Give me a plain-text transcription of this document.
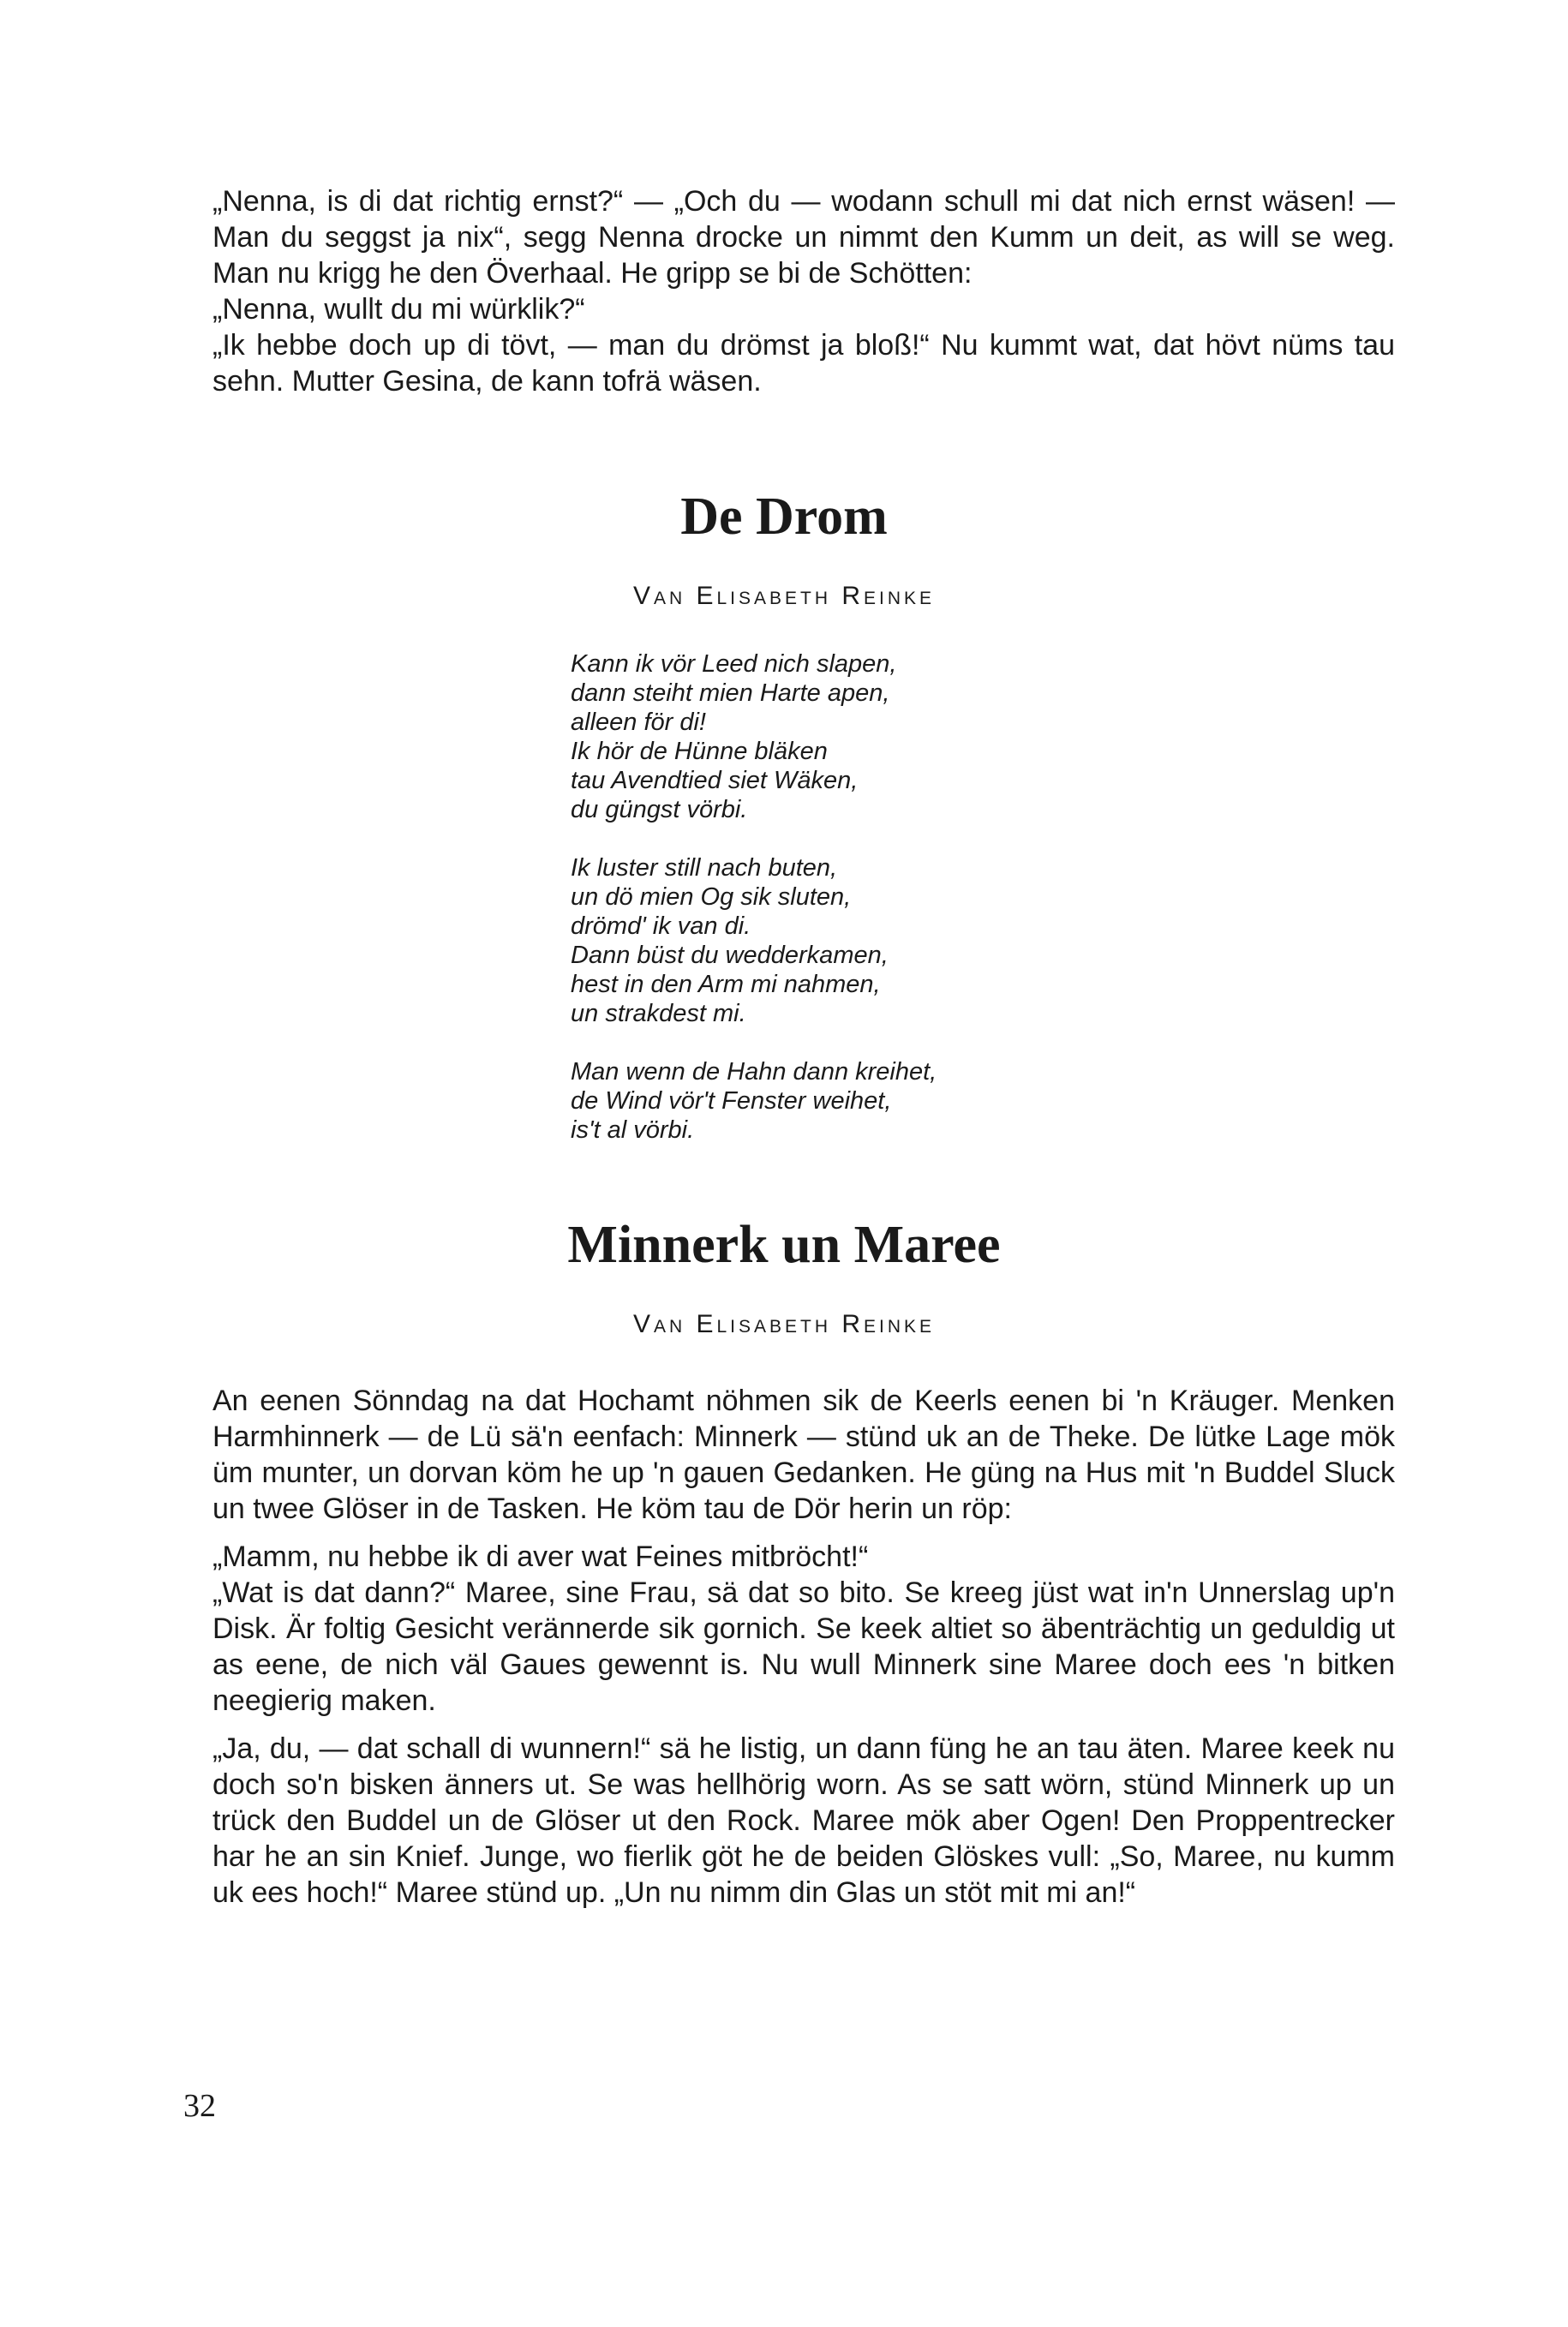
„Nenna, is di dat richtig ernst?“ — „Och du — wodann schull mi dat nich ernst wäsen! — Man du seggst ja nix“, segg Nenna drocke un nimmt den Kumm un deit, as will se weg. Man nu krigg he den Överhaal. He gripp se bi de Schötten:

„Nenna, wullt du mi würklik?“

„Ik hebbe doch up di tövt, — man du drömst ja bloß!“ Nu kummt wat, dat hövt nüms tau sehn. Mutter Gesina, de kann tofrä wäsen.

De Drom

Van Elisabeth Reinke

Kann ik vör Leed nich slapen,
dann steiht mien Harte apen,
alleen för di!
Ik hör de Hünne bläken
tau Avendtied siet Wäken,
du güngst vörbi.
Ik luster still nach buten,
un dö mien Og sik sluten,
drömd' ik van di.
Dann büst du wedderkamen,
hest in den Arm mi nahmen,
un strakdest mi.
Man wenn de Hahn dann kreihet,
de Wind vör't Fenster weihet,
is't al vörbi.
Minnerk un Maree

Van Elisabeth Reinke

An eenen Sönndag na dat Hochamt nöhmen sik de Keerls eenen bi 'n Kräuger. Menken Harmhinnerk — de Lü sä'n eenfach: Minnerk — stünd uk an de Theke. De lütke Lage mök üm munter, un dorvan köm he up 'n gauen Gedanken. He güng na Hus mit 'n Buddel Sluck un twee Glöser in de Tasken. He köm tau de Dör herin un röp:

„Mamm, nu hebbe ik di aver wat Feines mitbröcht!“

„Wat is dat dann?“ Maree, sine Frau, sä dat so bito. Se kreeg jüst wat in'n Unnerslag up'n Disk. Är foltig Gesicht verännerde sik gornich. Se keek altiet so äbenträchtig un geduldig ut as eene, de nich väl Gaues gewennt is. Nu wull Minnerk sine Maree doch ees 'n bitken neegierig maken.

„Ja, du, — dat schall di wunnern!“ sä he listig, un dann füng he an tau äten. Maree keek nu doch so'n bisken änners ut. Se was hellhörig worn. As se satt wörn, stünd Minnerk up un trück den Buddel un de Glöser ut den Rock. Maree mök aber Ogen! Den Proppentrecker har he an sin Knief. Junge, wo fierlik göt he de beiden Glöskes vull: „So, Maree, nu kumm uk ees hoch!“ Maree stünd up. „Un nu nimm din Glas un stöt mit mi an!“

32
